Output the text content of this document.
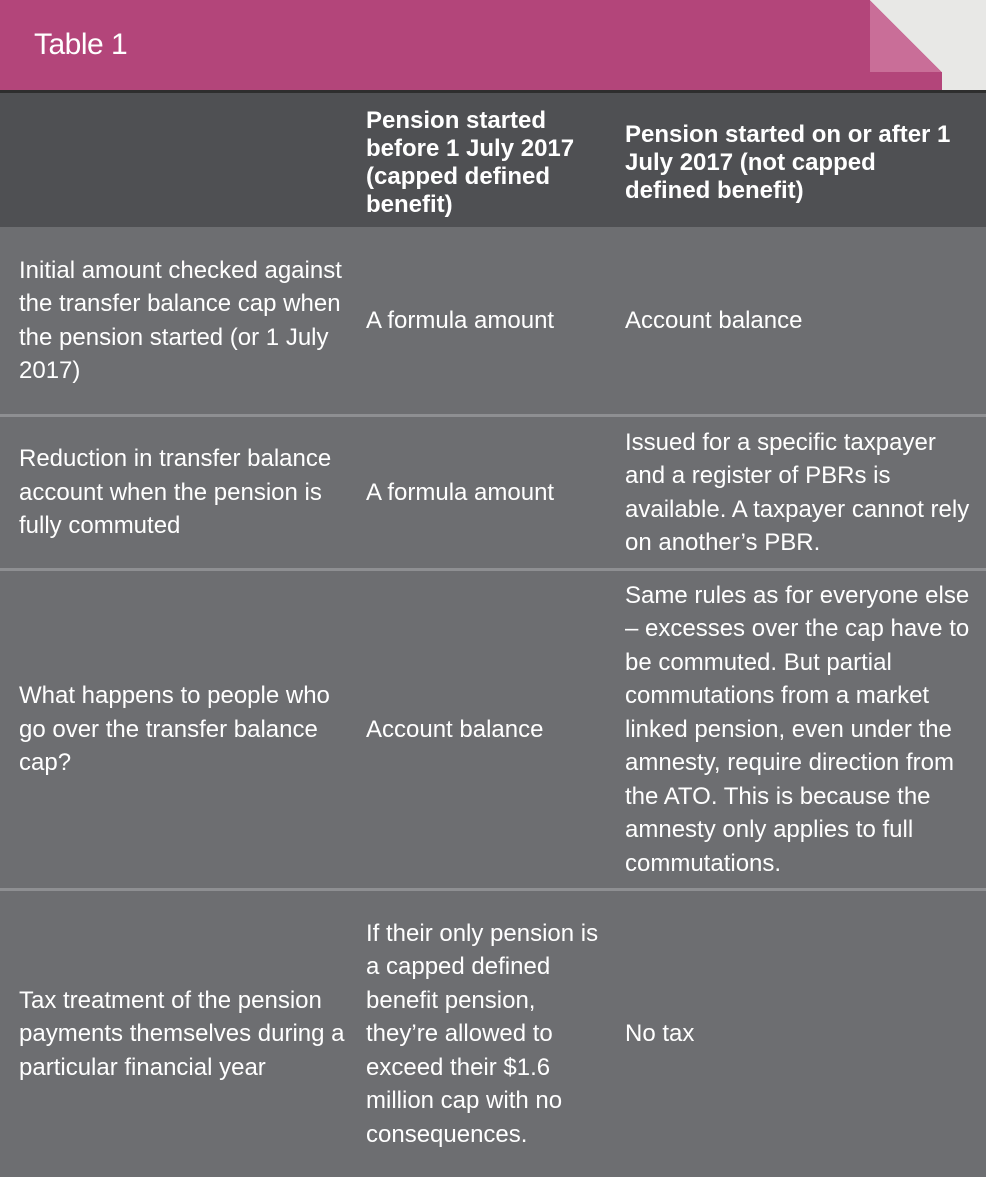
Table 1
Pension started before 1 July 2017 (capped defined benefit)
Pension started on or after 1 July 2017 (not capped defined benefit)
Initial amount checked against the transfer balance cap when the pension started (or 1 July 2017)
A formula amount	Account balance
Reduction in transfer balance account when the pension is fully commuted
A formula amount
Issued for a specific taxpayer and a register of PBRs is available. A taxpayer cannot rely on another’s PBR.
What happens to people who go over the transfer balance cap?
Account balance
Same rules as for everyone else – excesses over the cap have to be commuted. But partial commutations from a market linked pension, even under the amnesty, require direction from the ATO. This is because the amnesty only applies to full commutations.
Tax treatment of the pension payments themselves during a particular financial year
If their only pension is a capped defined benefit pension, they’re allowed to exceed their $1.6 million cap with no consequences.
No tax
